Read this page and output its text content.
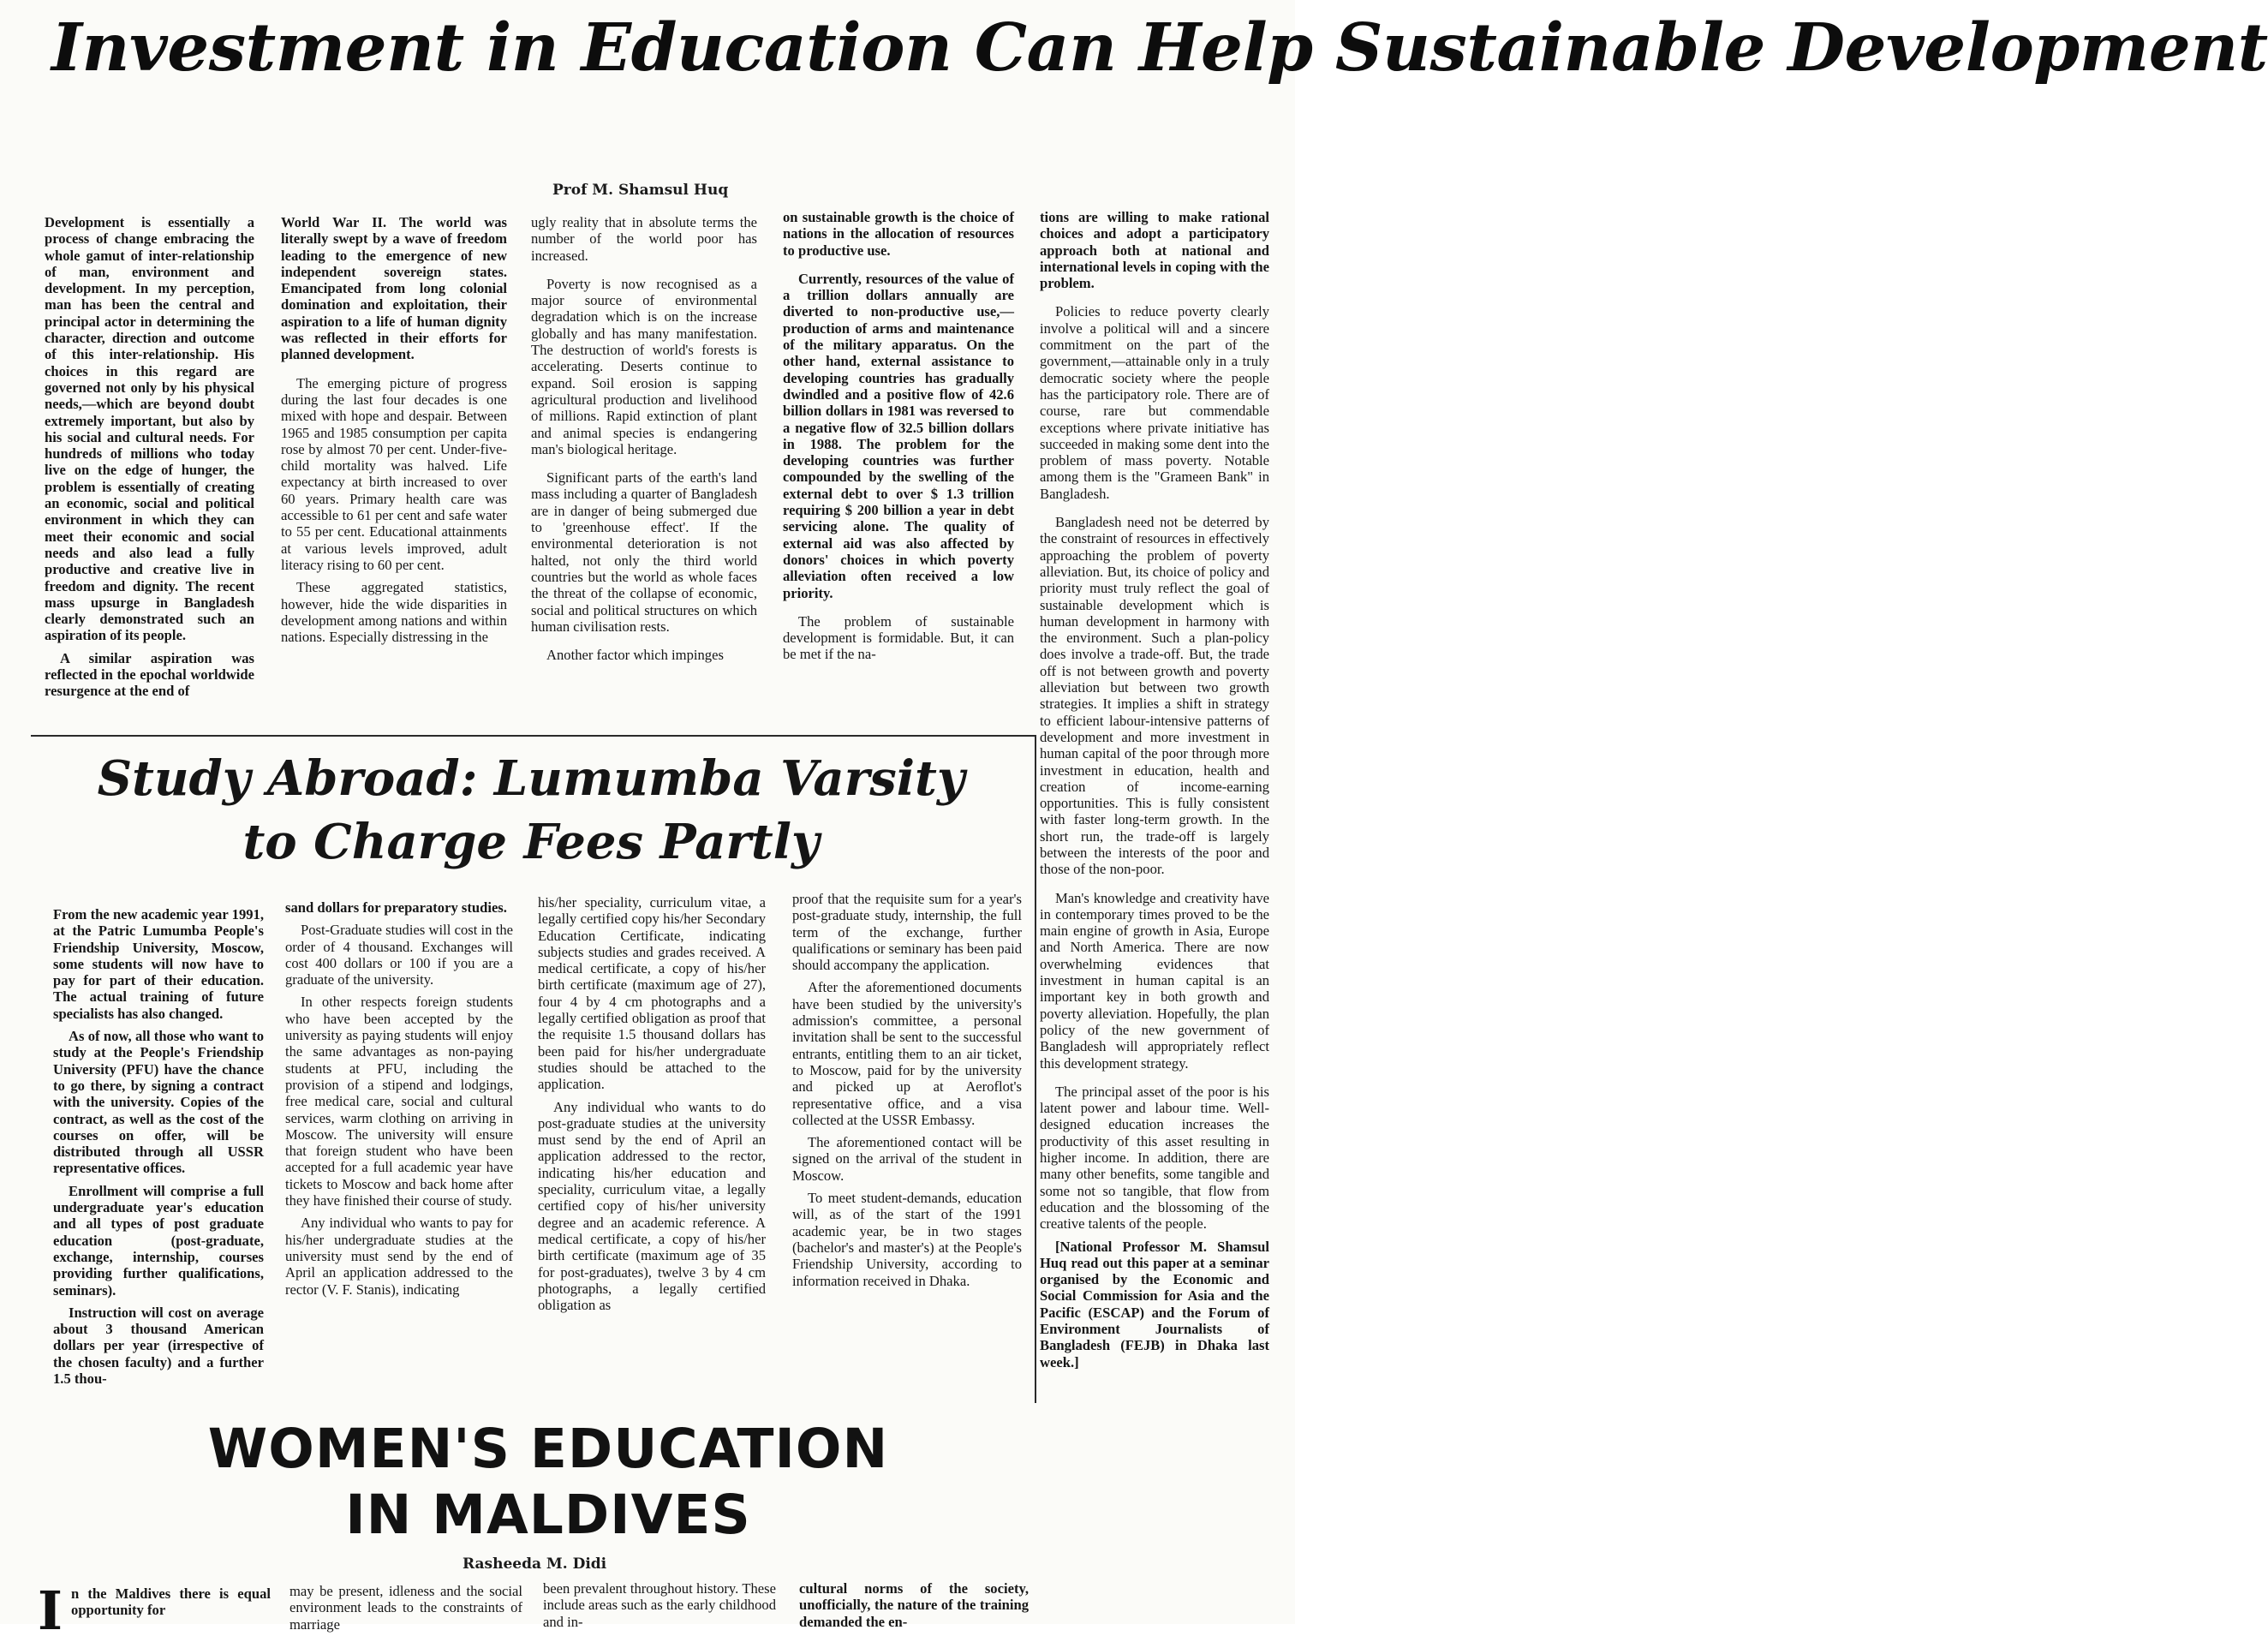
Investment in Education Can Help Sustainable Development
Prof M. Shamsul Huq

Development is essentially a process of change embracing the whole gamut of inter-relationship of man, environment and development. In my perception, man has been the central and principal actor in determining the character, direction and outcome of this inter-relationship. His choices in this regard are governed not only by his physical needs,—which are beyond doubt extremely important, but also by his social and cultural needs. For hundreds of millions who today live on the edge of hunger, the problem is essentially of creating an economic, social and political environment in which they can meet their economic and social needs and also lead a fully productive and creative live in freedom and dignity. The recent mass upsurge in Bangladesh clearly demonstrated such an aspiration of its people.

A similar aspiration was reflected in the epochal worldwide resurgence at the end of

World War II. The world was literally swept by a wave of freedom leading to the emergence of new independent sovereign states. Emancipated from long colonial domination and exploitation, their aspiration to a life of human dignity was reflected in their efforts for planned development.

The emerging picture of progress during the last four decades is one mixed with hope and despair. Between 1965 and 1985 consumption per capita rose by almost 70 per cent. Under-five-child mortality was halved. Life expectancy at birth increased to over 60 years. Primary health care was accessible to 61 per cent and safe water to 55 per cent. Educational attainments at various levels improved, adult literacy rising to 60 per cent.

These aggregated statistics, however, hide the wide disparities in development among nations and within nations. Especially distressing in the

ugly reality that in absolute terms the number of the world poor has increased.

Poverty is now recognised as a major source of environmental degradation which is on the increase globally and has many manifestation. The destruction of world's forests is accelerating. Deserts continue to expand. Soil erosion is sapping agricultural production and livelihood of millions. Rapid extinction of plant and animal species is endangering man's biological heritage.

Significant parts of the earth's land mass including a quarter of Bangladesh are in danger of being submerged due to 'greenhouse effect'. If the environmental deterioration is not halted, not only the third world countries but the world as whole faces the threat of the collapse of economic, social and political structures on which human civilisation rests.

Another factor which impinges

on sustainable growth is the choice of nations in the allocation of resources to productive use.

Currently, resources of the value of a trillion dollars annually are diverted to non-productive use,—production of arms and maintenance of the military apparatus. On the other hand, external assistance to developing countries has gradually dwindled and a positive flow of 42.6 billion dollars in 1981 was reversed to a negative flow of 32.5 billion dollars in 1988. The problem for the developing countries was further compounded by the swelling of the external debt to over $ 1.3 trillion requiring $ 200 billion a year in debt servicing alone. The quality of external aid was also affected by donors' choices in which poverty alleviation often received a low priority.

The problem of sustainable development is formidable. But, it can be met if the na-

tions are willing to make rational choices and adopt a participatory approach both at national and international levels in coping with the problem.

Policies to reduce poverty clearly involve a political will and a sincere commitment on the part of the government,—attainable only in a truly democratic society where the people has the participatory role. There are of course, rare but commendable exceptions where private initiative has succeeded in making some dent into the problem of mass poverty. Notable among them is the "Grameen Bank" in Bangladesh.

Bangladesh need not be deterred by the constraint of resources in effectively approaching the problem of poverty alleviation. But, its choice of policy and priority must truly reflect the goal of sustainable development which is human development in harmony with the environment. Such a plan-policy does involve a trade-off. But, the trade off is not between growth and poverty alleviation but between two growth strategies. It implies a shift in strategy to efficient labour-intensive patterns of development and more investment in human capital of the poor through more investment in education, health and creation of income-earning opportunities. This is fully consistent with faster long-term growth. In the short run, the trade-off is largely between the interests of the poor and those of the non-poor.

Man's knowledge and creativity have in contemporary times proved to be the main engine of growth in Asia, Europe and North America. There are now overwhelming evidences that investment in human capital is an important key in both growth and poverty alleviation. Hopefully, the plan policy of the new government of Bangladesh will appropriately reflect this development strategy.

The principal asset of the poor is his latent power and labour time. Well-designed education increases the productivity of this asset resulting in higher income. In addition, there are many other benefits, some tangible and some not so tangible, that flow from education and the blossoming of the creative talents of the people.

[National Professor M. Shamsul Huq read out this paper at a seminar organised by the Economic and Social Commission for Asia and the Pacific (ESCAP) and the Forum of Environment Journalists of Bangladesh (FEJB) in Dhaka last week.]

Study Abroad: Lumumba Varsity
to Charge Fees Partly

From the new academic year 1991, at the Patric Lumumba People's Friendship University, Moscow, some students will now have to pay for part of their education. The actual training of future specialists has also changed.

As of now, all those who want to study at the People's Friendship University (PFU) have the chance to go there, by signing a contract with the university. Copies of the contract, as well as the cost of the courses on offer, will be distributed through all USSR representative offices.

Enrollment will comprise a full undergraduate year's education and all types of post graduate education (post-graduate, exchange, internship, courses providing further qualifications, seminars).

Instruction will cost on average about 3 thousand American dollars per year (irrespective of the chosen faculty) and a further 1.5 thou-

sand dollars for preparatory studies.

Post-Graduate studies will cost in the order of 4 thousand. Exchanges will cost 400 dollars or 100 if you are a graduate of the university.

In other respects foreign students who have been accepted by the university as paying students will enjoy the same advantages as non-paying students at PFU, including the provision of a stipend and lodgings, free medical care, social and cultural services, warm clothing on arriving in Moscow. The university will ensure that foreign student who have been accepted for a full academic year have tickets to Moscow and back home after they have finished their course of study.

Any individual who wants to pay for his/her undergraduate studies at the university must send by the end of April an application addressed to the rector (V. F. Stanis), indicating

his/her speciality, curriculum vitae, a legally certified copy his/her Secondary Education Certificate, indicating subjects studies and grades received. A medical certificate, a copy of his/her birth certificate (maximum age of 27), four 4 by 4 cm photographs and a legally certified obligation as proof that the requisite 1.5 thousand dollars has been paid for his/her undergraduate studies should be attached to the application.

Any individual who wants to do post-graduate studies at the university must send by the end of April an application addressed to the rector, indicating his/her education and speciality, curriculum vitae, a legally certified copy of his/her university degree and an academic reference. A medical certificate, a copy of his/her birth certificate (maximum age of 35 for post-graduates), twelve 3 by 4 cm photographs, a legally certified obligation as

proof that the requisite sum for a year's post-graduate study, internship, the full term of the exchange, further qualifications or seminary has been paid should accompany the application.

After the aforementioned documents have been studied by the university's admission's committee, a personal invitation shall be sent to the successful entrants, entitling them to an air ticket, to Moscow, paid for by the university and picked up at Aeroflot's representative office, and a visa collected at the USSR Embassy.

The aforementioned contact will be signed on the arrival of the student in Moscow.

To meet student-demands, education will, as of the start of the 1991 academic year, be in two stages (bachelor's and master's) at the People's Friendship University, according to information received in Dhaka.

WOMEN'S EDUCATION
IN MALDIVES
Rasheeda M. Didi
I n the Maldives there is equal opportunity for
may be present, idleness and the social environment leads to the constraints of marriage
been prevalent throughout history. These include areas such as the early childhood and in-
cultural norms of the society, unofficially, the nature of the training demanded the en-
